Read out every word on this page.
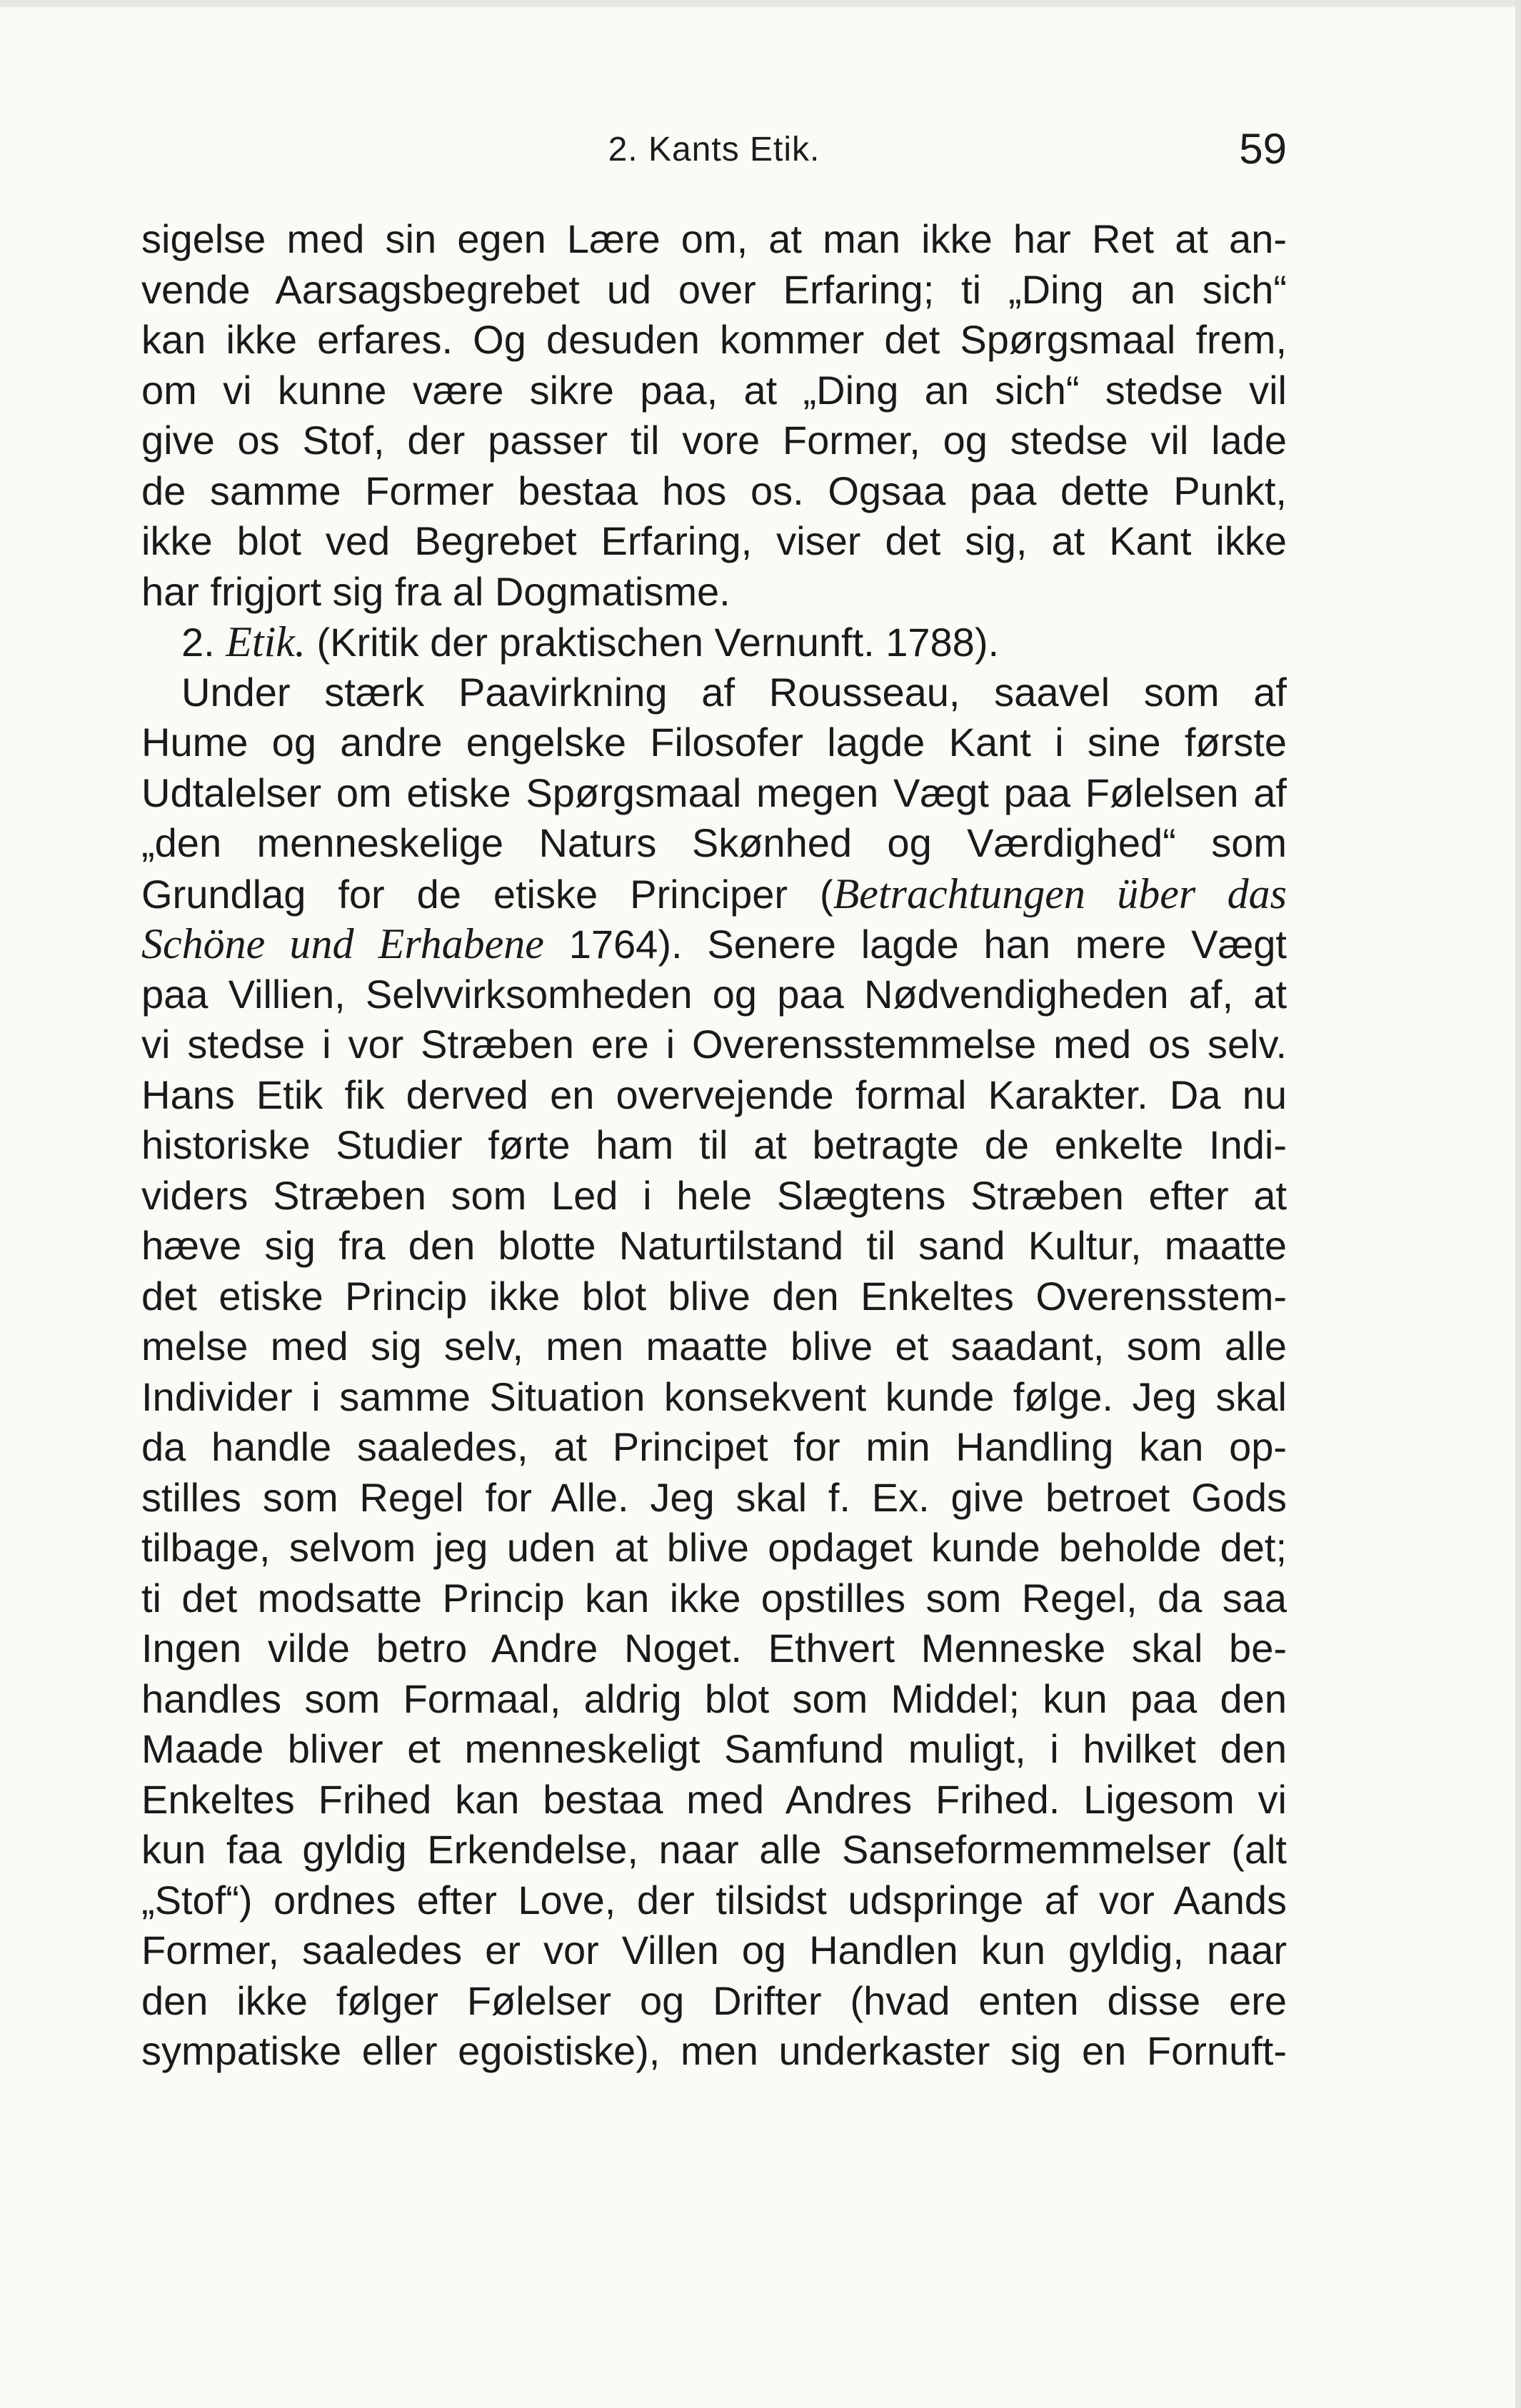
2. Kants Etik.	59
sigelse med sin egen Lære om, at man ikke har Ret at an-
vende Aarsagsbegrebet ud over Erfaring; ti „Ding an sich“
kan ikke erfares. Og desuden kommer det Spørgsmaal frem,
om vi kunne være sikre paa, at „Ding an sich“ stedse vil
give os Stof, der passer til vore Former, og stedse vil lade
de samme Former bestaa hos os. Ogsaa paa dette Punkt,
ikke blot ved Begrebet Erfaring, viser det sig, at Kant ikke
har frigjort sig fra al Dogmatisme.
2. Etik. (Kritik der praktischen Vernunft. 1788).
Under stærk Paavirkning af Rousseau, saavel som af
Hume og andre engelske Filosofer lagde Kant i sine første
Udtalelser om etiske Spørgsmaal megen Vægt paa Følelsen af
„den menneskelige Naturs Skønhed og Værdighed“ som
Grundlag for de etiske Principer (Betrachtungen über das
Schöne und Erhabene 1764). Senere lagde han mere Vægt
paa Villien, Selvvirksomheden og paa Nødvendigheden af, at
vi stedse i vor Stræben ere i Overensstemmelse med os selv.
Hans Etik fik derved en overvejende formal Karakter. Da nu
historiske Studier førte ham til at betragte de enkelte Indi-
viders Stræben som Led i hele Slægtens Stræben efter at
hæve sig fra den blotte Naturtilstand til sand Kultur, maatte
det etiske Princip ikke blot blive den Enkeltes Overensstem-
melse med sig selv, men maatte blive et saadant, som alle
Individer i samme Situation konsekvent kunde følge. Jeg skal
da handle saaledes, at Principet for min Handling kan op-
stilles som Regel for Alle. Jeg skal f. Ex. give betroet Gods
tilbage, selvom jeg uden at blive opdaget kunde beholde det;
ti det modsatte Princip kan ikke opstilles som Regel, da saa
Ingen vilde betro Andre Noget. Ethvert Menneske skal be-
handles som Formaal, aldrig blot som Middel; kun paa den
Maade bliver et menneskeligt Samfund muligt, i hvilket den
Enkeltes Frihed kan bestaa med Andres Frihed. Ligesom vi
kun faa gyldig Erkendelse, naar alle Sanseformemmelser (alt
„Stof“) ordnes efter Love, der tilsidst udspringe af vor Aands
Former, saaledes er vor Villen og Handlen kun gyldig, naar
den ikke følger Følelser og Drifter (hvad enten disse ere
sympatiske eller egoistiske), men underkaster sig en Fornuft-
